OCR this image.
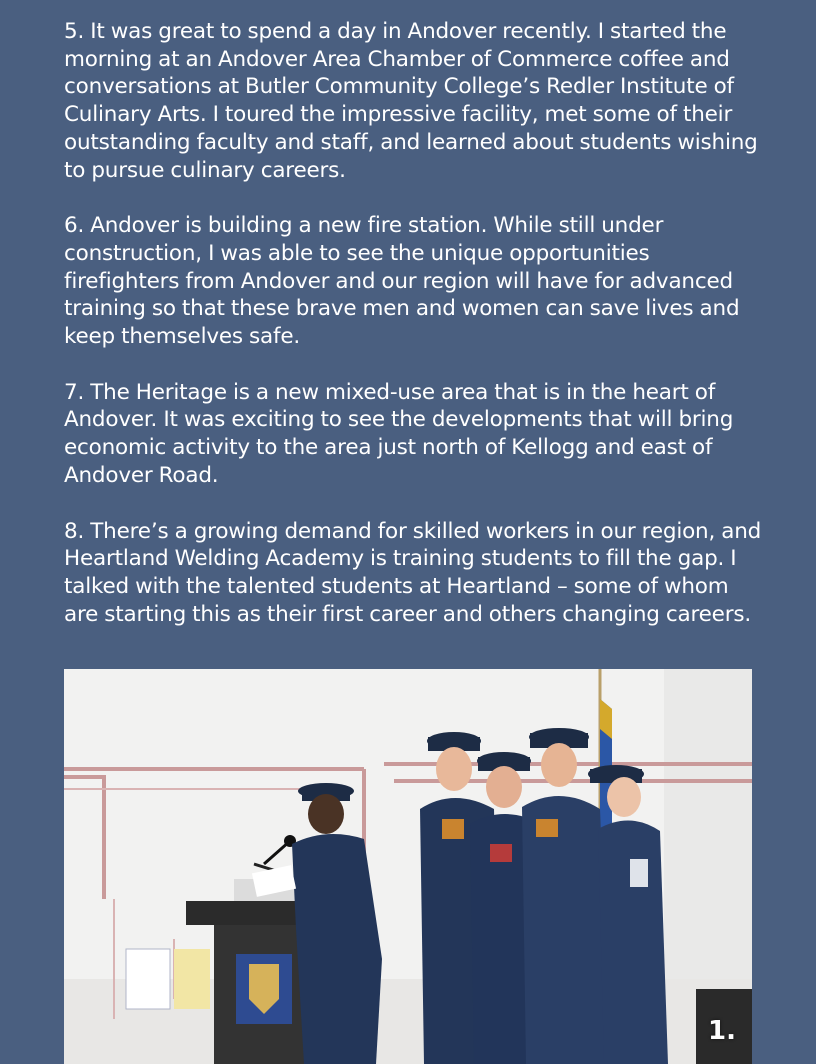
5. It was great to spend a day in Andover recently. I started the morning at an Andover Area Chamber of Commerce coffee and conversations at Butler Community College’s Redler Institute of Culinary Arts. I toured the impressive facility, met some of their outstanding faculty and staff, and learned about students wishing to pursue culinary careers.

6. Andover is building a new fire station. While still under construction, I was able to see the unique opportunities firefighters from Andover and our region will have for advanced training so that these brave men and women can save lives and keep themselves safe.

7. The Heritage is a new mixed-use area that is in the heart of Andover. It was exciting to see the developments that will bring economic activity to the area just north of Kellogg and east of Andover Road.

8. There’s a growing demand for skilled workers in our region, and Heartland Welding Academy is training students to fill the gap. I talked with the talented students at Heartland – some of whom are starting this as their first career and others changing careers.

1.
